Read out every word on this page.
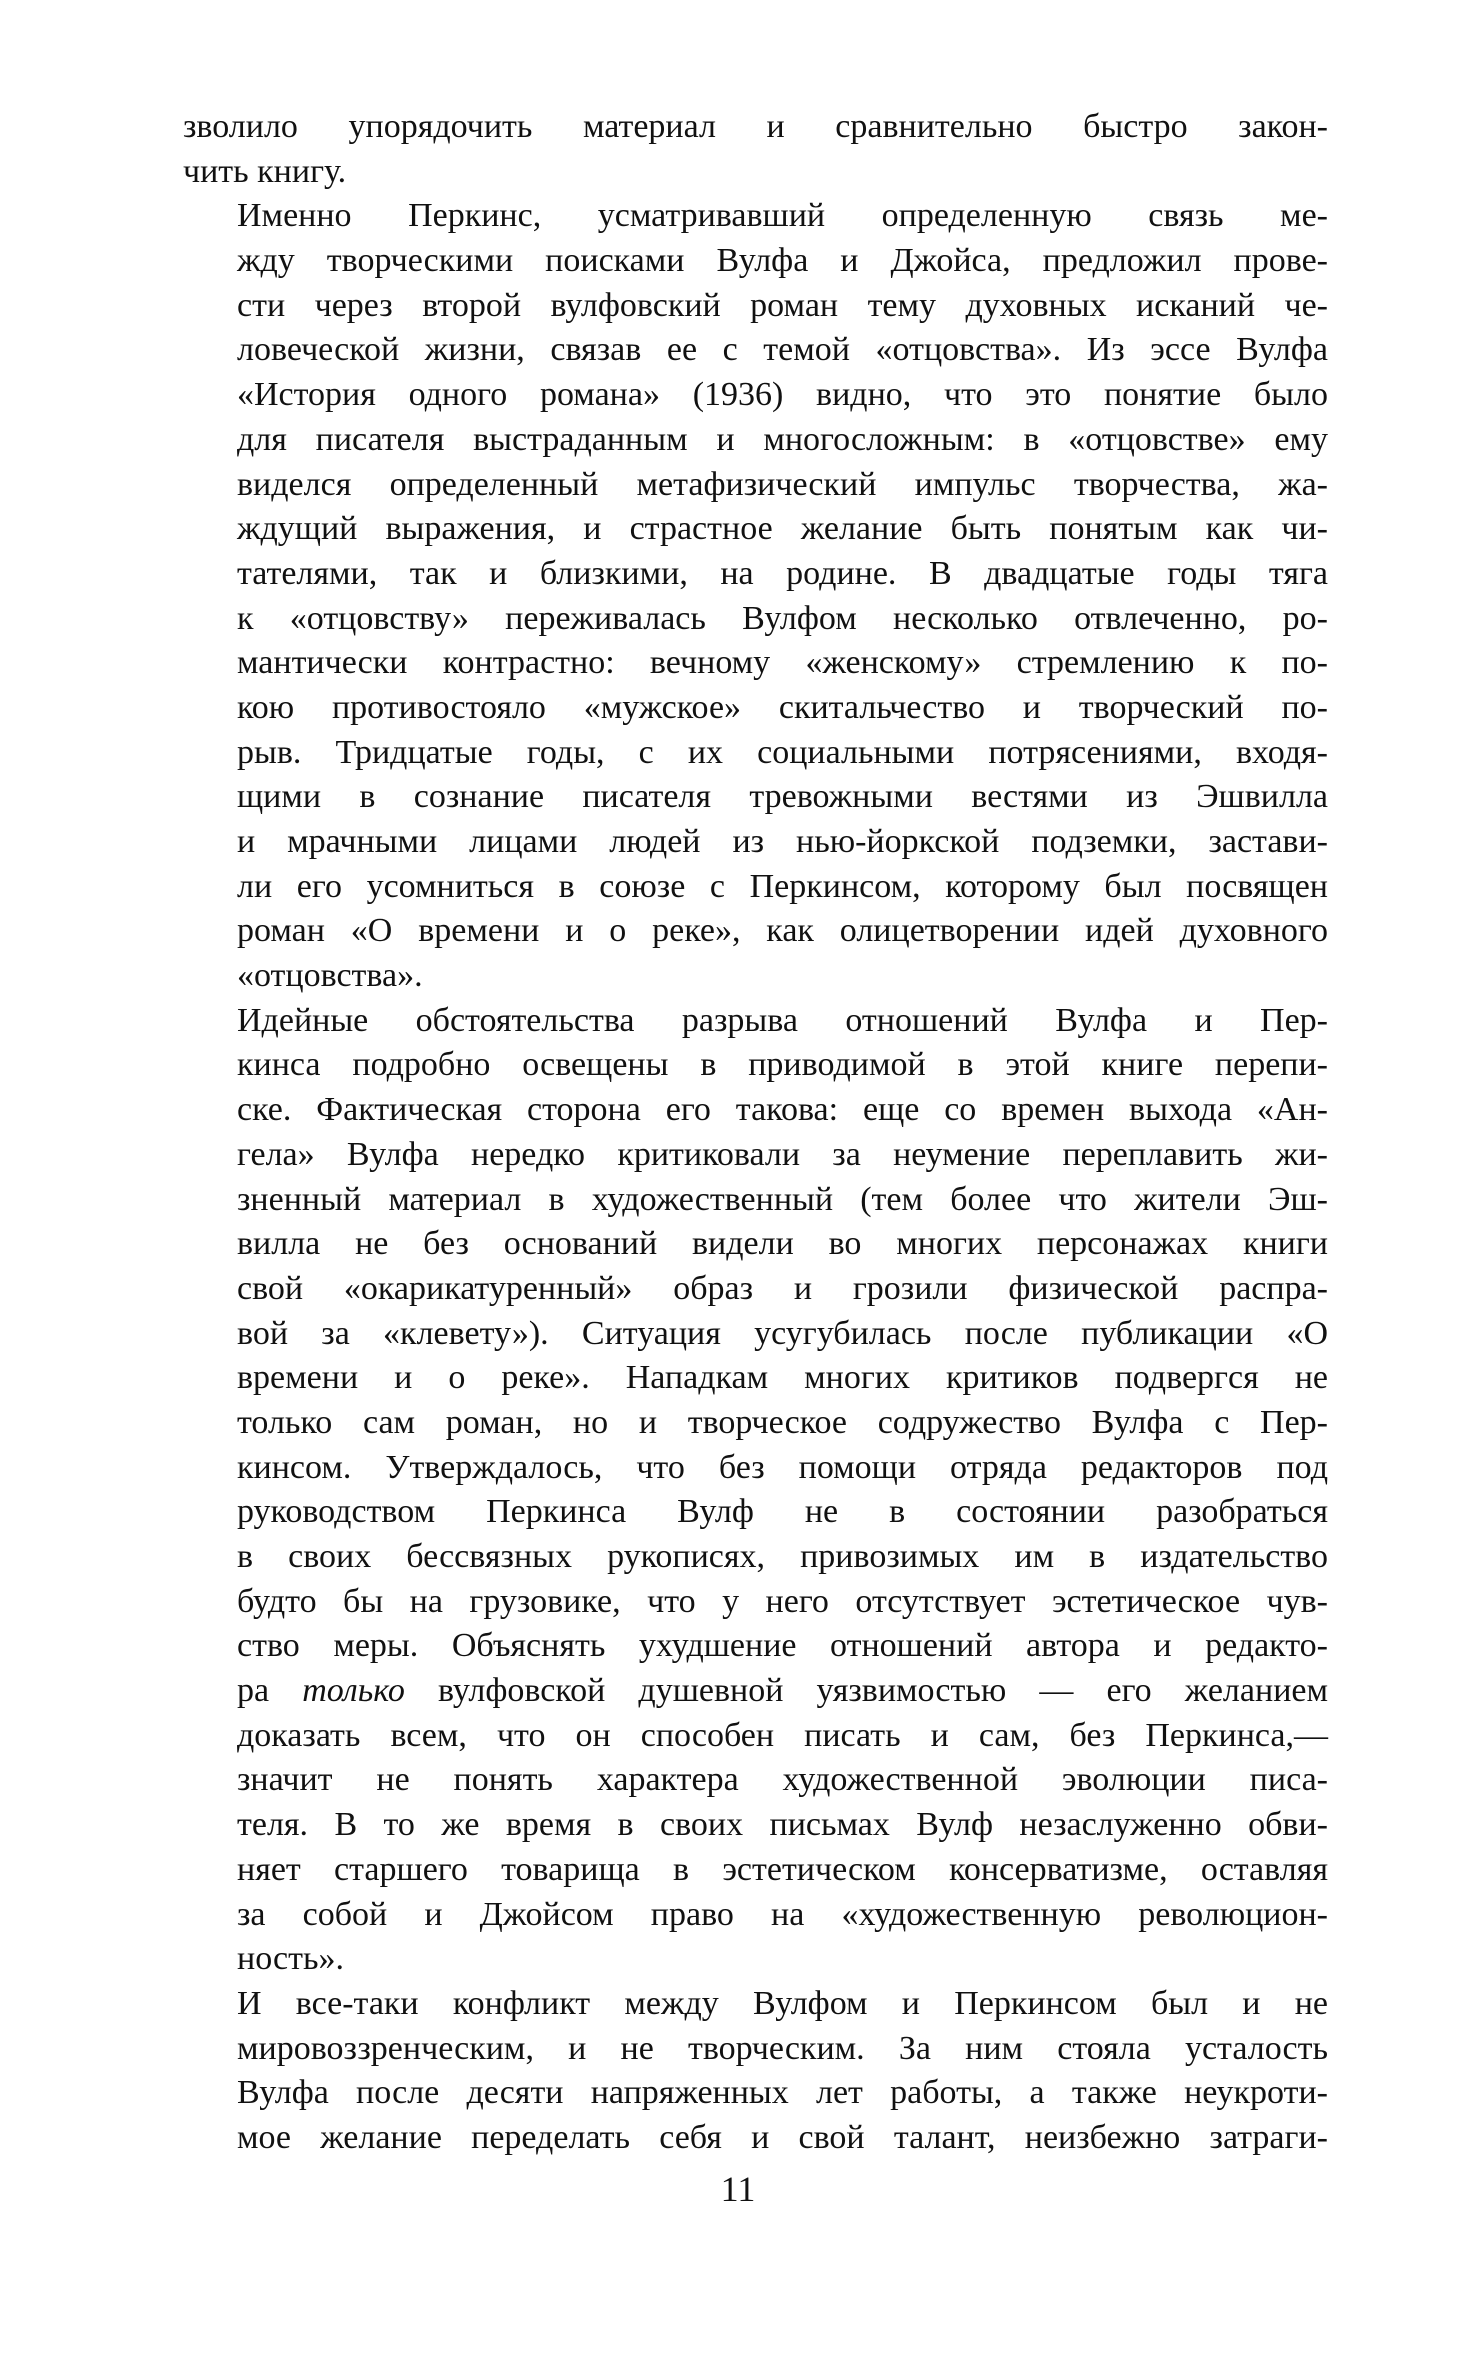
зволило упорядочить материал и сравнительно быстро закон-
чить книгу.

Именно Перкинс, усматривавший определенную связь ме-
жду творческими поисками Вулфа и Джойса, предложил прове-
сти через второй вулфовский роман тему духовных исканий че-
ловеческой жизни, связав ее с темой «отцовства». Из эссе Вулфа
«История одного романа» (1936) видно, что это понятие было
для писателя выстраданным и многосложным: в «отцовстве» ему
виделся определенный метафизический импульс творчества, жа-
ждущий выражения, и страстное желание быть понятым как чи-
тателями, так и близкими, на родине. В двадцатые годы тяга
к «отцовству» переживалась Вулфом несколько отвлеченно, ро-
мантически контрастно: вечному «женскому» стремлению к по-
кою противостояло «мужское» скитальчество и творческий по-
рыв. Тридцатые годы, с их социальными потрясениями, входя-
щими в сознание писателя тревожными вестями из Эшвилла
и мрачными лицами людей из нью-йоркской подземки, застави-
ли его усомниться в союзе с Перкинсом, которому был посвящен
роман «О времени и о реке», как олицетворении идей духовного
«отцовства».

Идейные обстоятельства разрыва отношений Вулфа и Пер-
кинса подробно освещены в приводимой в этой книге перепи-
ске. Фактическая сторона его такова: еще со времен выхода «Ан-
гела» Вулфа нередко критиковали за неумение переплавить жи-
зненный материал в художественный (тем более что жители Эш-
вилла не без оснований видели во многих персонажах книги
свой «окарикатуренный» образ и грозили физической распра-
вой за «клевету»). Ситуация усугубилась после публикации «О
времени и о реке». Нападкам многих критиков подвергся не
только сам роман, но и творческое содружество Вулфа с Пер-
кинсом. Утверждалось, что без помощи отряда редакторов под
руководством Перкинса Вулф не в состоянии разобраться
в своих бессвязных рукописях, привозимых им в издательство
будто бы на грузовике, что у него отсутствует эстетическое чув-
ство меры. Объяснять ухудшение отношений автора и редакто-
ра только вулфовской душевной уязвимостью — его желанием
доказать всем, что он способен писать и сам, без Перкинса,—
значит не понять характера художественной эволюции писа-
теля. В то же время в своих письмах Вулф незаслуженно обви-
няет старшего товарища в эстетическом консерватизме, оставляя
за собой и Джойсом право на «художественную революцион-
ность».

И все-таки конфликт между Вулфом и Перкинсом был и не
мировоззренческим, и не творческим. За ним стояла усталость
Вулфа после десяти напряженных лет работы, а также неукроти-
мое желание переделать себя и свой талант, неизбежно затраги-

11
